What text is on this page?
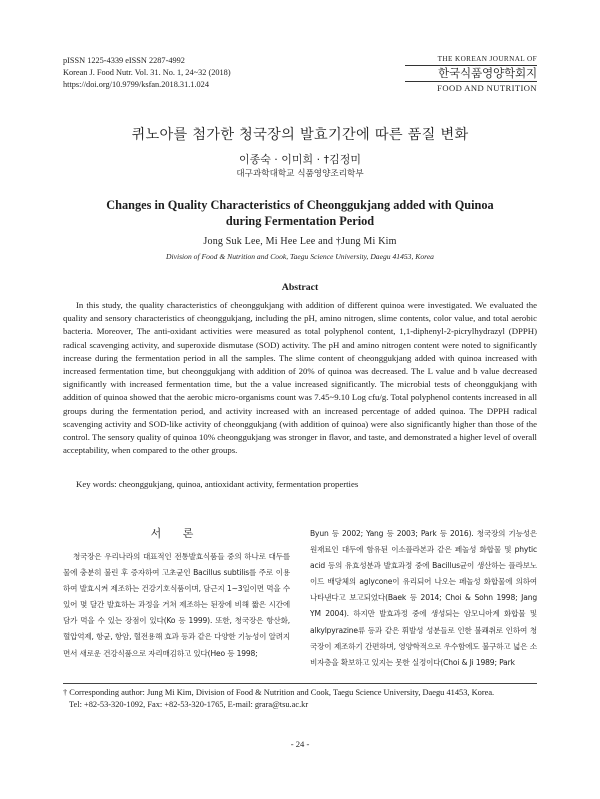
pISSN 1225-4339 eISSN 2287-4992
Korean J. Food Nutr. Vol. 31. No. 1, 24~32 (2018)
https://doi.org/10.9799/ksfan.2018.31.1.024
THE KOREAN JOURNAL OF
한국식품영양학회지
FOOD AND NUTRITION
퀴노아를 첨가한 청국장의 발효기간에 따른 품질 변화
이종숙 · 이미희 · †김정미
대구과학대학교 식품영양조리학부
Changes in Quality Characteristics of Cheonggukjang added with Quinoa
during Fermentation Period
Jong Suk Lee, Mi Hee Lee and †Jung Mi Kim
Division of Food & Nutrition and Cook, Taegu Science University, Daegu 41453, Korea
Abstract

In this study, the quality characteristics of cheonggukjang with addition of different quinoa were investigated. We evaluated the quality and sensory characteristics of cheonggukjang, including the pH, amino nitrogen, slime contents, color value, and total aerobic bacteria. Moreover, The anti-oxidant activities were measured as total polyphenol content, 1,1-diphenyl-2-picrylhydrazyl (DPPH) radical scavenging activity, and superoxide dismutase (SOD) activity. The pH and amino nitrogen content were noted to significantly increase during the fermentation period in all the samples. The slime content of cheonggukjang added with quinoa increased with increased fermentation time, but cheonggukjang with addition of 20% of quinoa was decreased. The L value and b value decreased significantly with increased fermentation time, but the a value increased significantly. The microbial tests of cheonggukjang with addition of quinoa showed that the aerobic micro-organisms count was 7.45~9.10 Log cfu/g. Total polyphenol contents increased in all groups during the fermentation period, and activity increased with an increased percentage of added quinoa. The DPPH radical scavenging activity and SOD-like activity of cheonggukjang (with addition of quinoa) were also significantly higher than those of the control. The sensory quality of quinoa 10% cheonggukjang was stronger in flavor, and taste, and demonstrated a higher level of overall acceptability, when compared to the other groups.

Key words: cheonggukjang, quinoa, antioxidant activity, fermentation properties
서 론

청국장은 우리나라의 대표적인 전통발효식품들 중의 하나로 대두를 물에 충분히 불린 후 증자하여 고초균인 Bacillus subtilis를 주로 이용하여 발효시켜 제조하는 건강기호식품이며, 담근지 1~3일이면 먹을 수 있어 몇 달간 발효하는 과정을 거쳐 제조하는 된장에 비해 짧은 시간에 담가 먹을 수 있는 장점이 있다(Ko 등 1999). 또한, 청국장은 항산화, 혈압억제, 항균, 항암, 혈전용해 효과 등과 같은 다양한 기능성이 알려지면서 새로운 건강식품으로 자리매김하고 있다(Heo 등 1998;

Byun 등 2002; Yang 등 2003; Park 등 2016). 청국장의 기능성은 원재료인 대두에 함유된 이소플라본과 같은 페놀성 화합물 및 phytic acid 등의 유효성분과 발효과정 중에 Bacillus균이 생산하는 플라보노이드 배당체의 aglycone이 유리되어 나오는 페놀성 화합물에 의하여 나타낸다고 보고되었다(Baek 등 2014; Choi & Sohn 1998; Jang YM 2004). 하지만 발효과정 중에 생성되는 암모니아계 화합물 및 alkylpyrazine류 등과 같은 휘발성 성분들로 인한 불쾌취로 인하여 청국장이 제조하기 간편하며, 영양학적으로 우수함에도 불구하고 넓은 소비자층을 확보하고 있지는 못한 실정이다(Choi & Ji 1989; Park

† Corresponding author: Jung Mi Kim, Division of Food & Nutrition and Cook, Taegu Science University, Daegu 41453, Korea.
Tel: +82-53-320-1092, Fax: +82-53-320-1765, E-mail: grara@tsu.ac.kr
- 24 -
